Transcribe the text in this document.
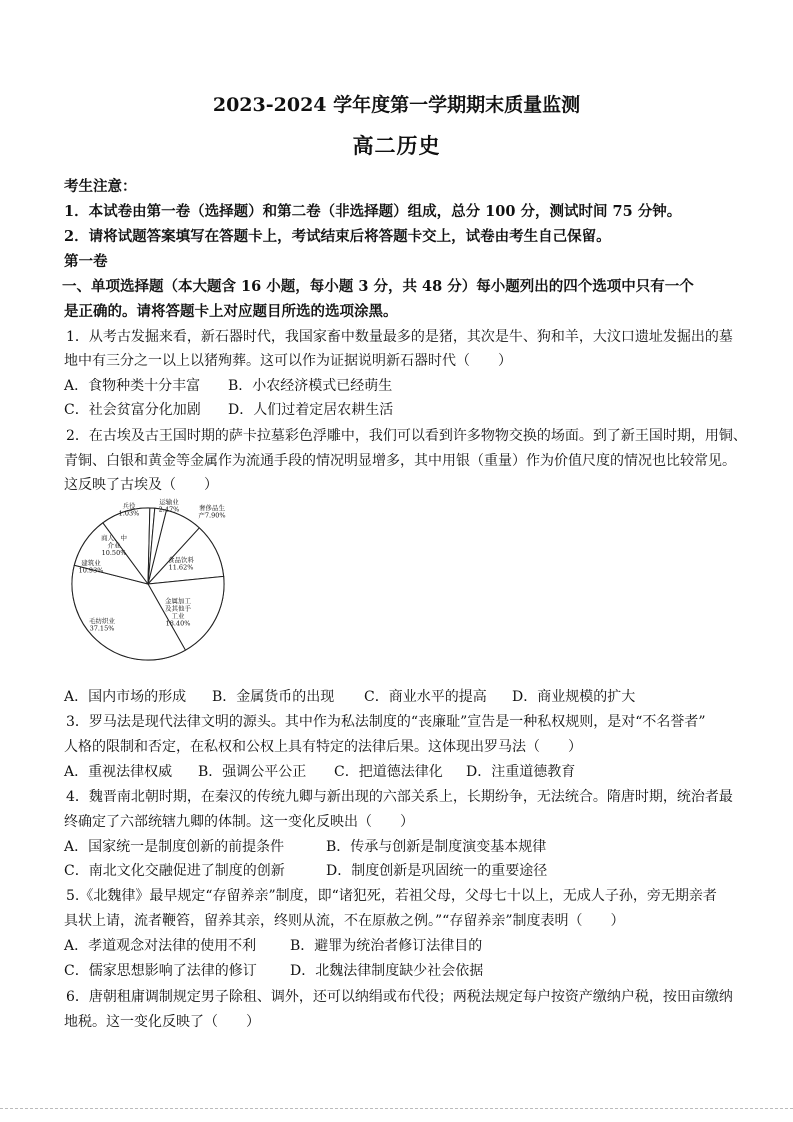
2023-2024 学年度第一学期期末质量监测
高二历史
考生注意：
1．本试卷由第一卷（选择题）和第二卷（非选择题）组成，总分 100 分，测试时间 75 分钟。
2．请将试题答案填写在答题卡上，考试结束后将答题卡交上，试卷由考生自己保留。
第一卷
一、单项选择题（本大题含 16 小题，每小题 3 分，共 48 分）每小题列出的四个选项中只有一个
是正确的。请将答题卡上对应题目所选的选项涂黑。
1．从考古发掘来看，新石器时代，我国家畜中数量最多的是猪，其次是牛、狗和羊，大汶口遗址发掘出的墓
地中有三分之一以上以猪殉葬。这可以作为证据说明新石器时代（　　）
A．食物种类十分丰富 B．小农经济模式已经萌生
C．社会贫富分化加剧 D．人们过着定居农耕生活
2．在古埃及古王国时期的萨卡拉墓彩色浮雕中，我们可以看到许多物物交换的场面。到了新王国时期，用铜、
青铜、白银和黄金等金属作为流通手段的情况明显增多，其中用银（重量）作为价值尺度的情况也比较常见。
这反映了古埃及（　　）
奢侈品生产7.90%
食品饮料 11.62%
金属加工及其他手工业 18.40%
毛纺织业 37.15%
建筑业 10.93%
商人、中介业 10.50%
兵役 1.03%
运输业 2.47%
A．国内市场的形成 B．金属货币的出现 C．商业水平的提高 D．商业规模的扩大
3．罗马法是现代法律文明的源头。其中作为私法制度的“丧廉耻”宣告是一种私权规则，是对“不名誉者”
人格的限制和否定，在私权和公权上具有特定的法律后果。这体现出罗马法（　　）
A．重视法律权威 B．强调公平公正 C．把道德法律化 D．注重道德教育
4．魏晋南北朝时期，在秦汉的传统九卿与新出现的六部关系上，长期纷争，无法统合。隋唐时期，统治者最
终确定了六部统辖九卿的体制。这一变化反映出（　　）
A．国家统一是制度创新的前提条件	B．传承与创新是制度演变基本规律
C．南北文化交融促进了制度的创新	D．制度创新是巩固统一的重要途径
5.《北魏律》最早规定“存留养亲”制度，即“诸犯死，若祖父母，父母七十以上，无成人子孙，旁无期亲者
具状上请，流者鞭笞，留养其亲，终则从流，不在原赦之例。”“存留养亲”制度表明（　　）
A．孝道观念对法律的使用不利 B．避罪为统治者修订法律目的
C．儒家思想影响了法律的修订 D．北魏法律制度缺少社会依据
6．唐朝租庸调制规定男子除租、调外，还可以纳绢或布代役；两税法规定每户按资产缴纳户税，按田亩缴纳
地税。这一变化反映了（　　）
